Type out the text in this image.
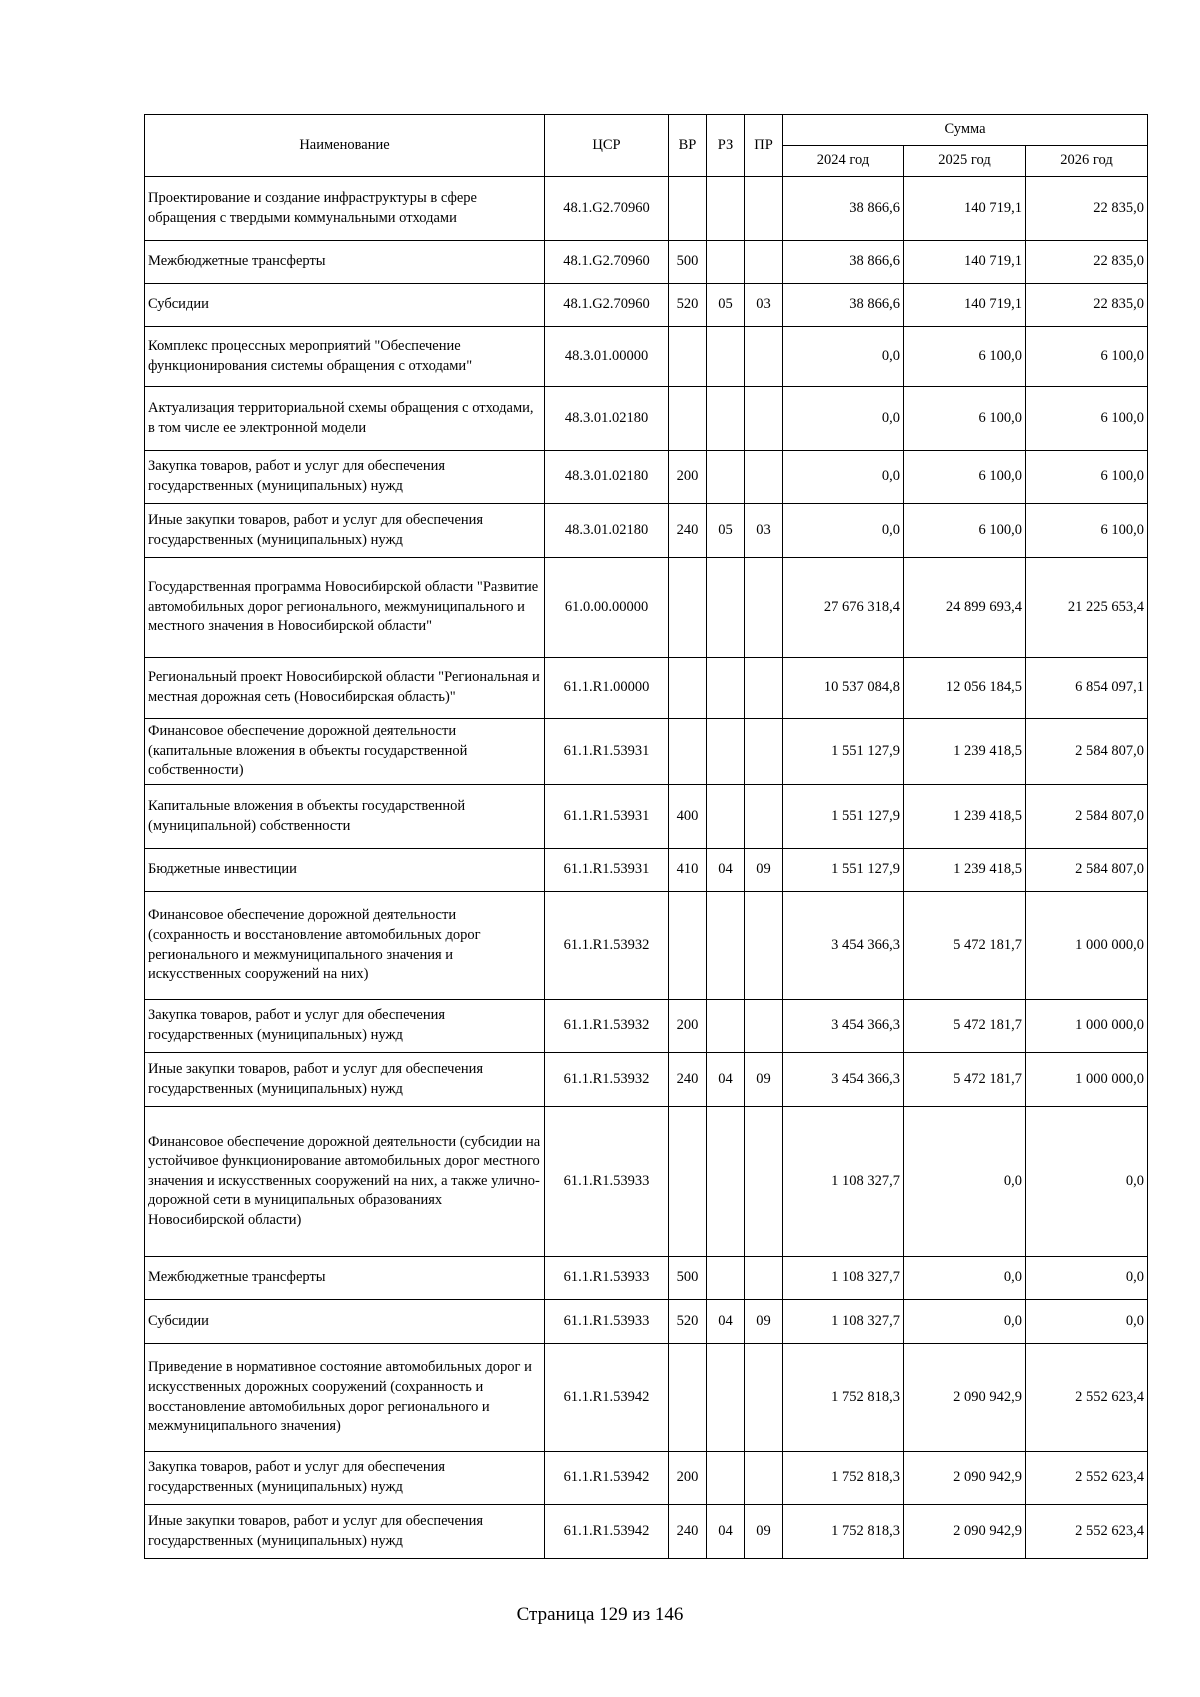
Наименование	ЦСР	ВР	РЗ	ПР	Сумма		
					2024 год	2025 год	2026 год
Проектирование и создание инфраструктуры в сфере обращения с твердыми коммунальными отходами	48.1.G2.70960				38 866,6	140 719,1	22 835,0
Межбюджетные трансферты	48.1.G2.70960	500			38 866,6	140 719,1	22 835,0
Субсидии	48.1.G2.70960	520	05	03	38 866,6	140 719,1	22 835,0
Комплекс процессных мероприятий "Обеспечение функционирования системы обращения с отходами"	48.3.01.00000				0,0	6 100,0	6 100,0
Актуализация территориальной схемы обращения с отходами, в том числе ее электронной модели	48.3.01.02180				0,0	6 100,0	6 100,0
Закупка товаров, работ и услуг для обеспечения государственных (муниципальных) нужд	48.3.01.02180	200			0,0	6 100,0	6 100,0
Иные закупки товаров, работ и услуг для обеспечения государственных (муниципальных) нужд	48.3.01.02180	240	05	03	0,0	6 100,0	6 100,0
Государственная программа Новосибирской области "Развитие автомобильных дорог регионального, межмуниципального и местного значения в Новосибирской области"	61.0.00.00000				27 676 318,4	24 899 693,4	21 225 653,4
Региональный проект Новосибирской области "Региональная и местная дорожная сеть (Новосибирская область)"	61.1.R1.00000				10 537 084,8	12 056 184,5	6 854 097,1
Финансовое обеспечение дорожной деятельности (капитальные вложения в объекты государственной собственности)	61.1.R1.53931				1 551 127,9	1 239 418,5	2 584 807,0
Капитальные вложения в объекты государственной (муниципальной) собственности	61.1.R1.53931	400			1 551 127,9	1 239 418,5	2 584 807,0
Бюджетные инвестиции	61.1.R1.53931	410	04	09	1 551 127,9	1 239 418,5	2 584 807,0
Финансовое обеспечение дорожной деятельности (сохранность и восстановление автомобильных дорог регионального и межмуниципального значения и искусственных сооружений на них)	61.1.R1.53932				3 454 366,3	5 472 181,7	1 000 000,0
Закупка товаров, работ и услуг для обеспечения государственных (муниципальных) нужд	61.1.R1.53932	200			3 454 366,3	5 472 181,7	1 000 000,0
Иные закупки товаров, работ и услуг для обеспечения государственных (муниципальных) нужд	61.1.R1.53932	240	04	09	3 454 366,3	5 472 181,7	1 000 000,0
Финансовое обеспечение дорожной деятельности (субсидии на устойчивое функционирование автомобильных дорог местного значения и искусственных сооружений на них, а также улично-дорожной сети в муниципальных образованиях Новосибирской области)	61.1.R1.53933				1 108 327,7	0,0	0,0
Межбюджетные трансферты	61.1.R1.53933	500			1 108 327,7	0,0	0,0
Субсидии	61.1.R1.53933	520	04	09	1 108 327,7	0,0	0,0
Приведение в нормативное состояние автомобильных дорог и искусственных дорожных сооружений (сохранность и восстановление автомобильных дорог регионального и межмуниципального значения)	61.1.R1.53942				1 752 818,3	2 090 942,9	2 552 623,4
Закупка товаров, работ и услуг для обеспечения государственных (муниципальных) нужд	61.1.R1.53942	200			1 752 818,3	2 090 942,9	2 552 623,4
Иные закупки товаров, работ и услуг для обеспечения государственных (муниципальных) нужд	61.1.R1.53942	240	04	09	1 752 818,3	2 090 942,9	2 552 623,4
Страница 129 из 146
